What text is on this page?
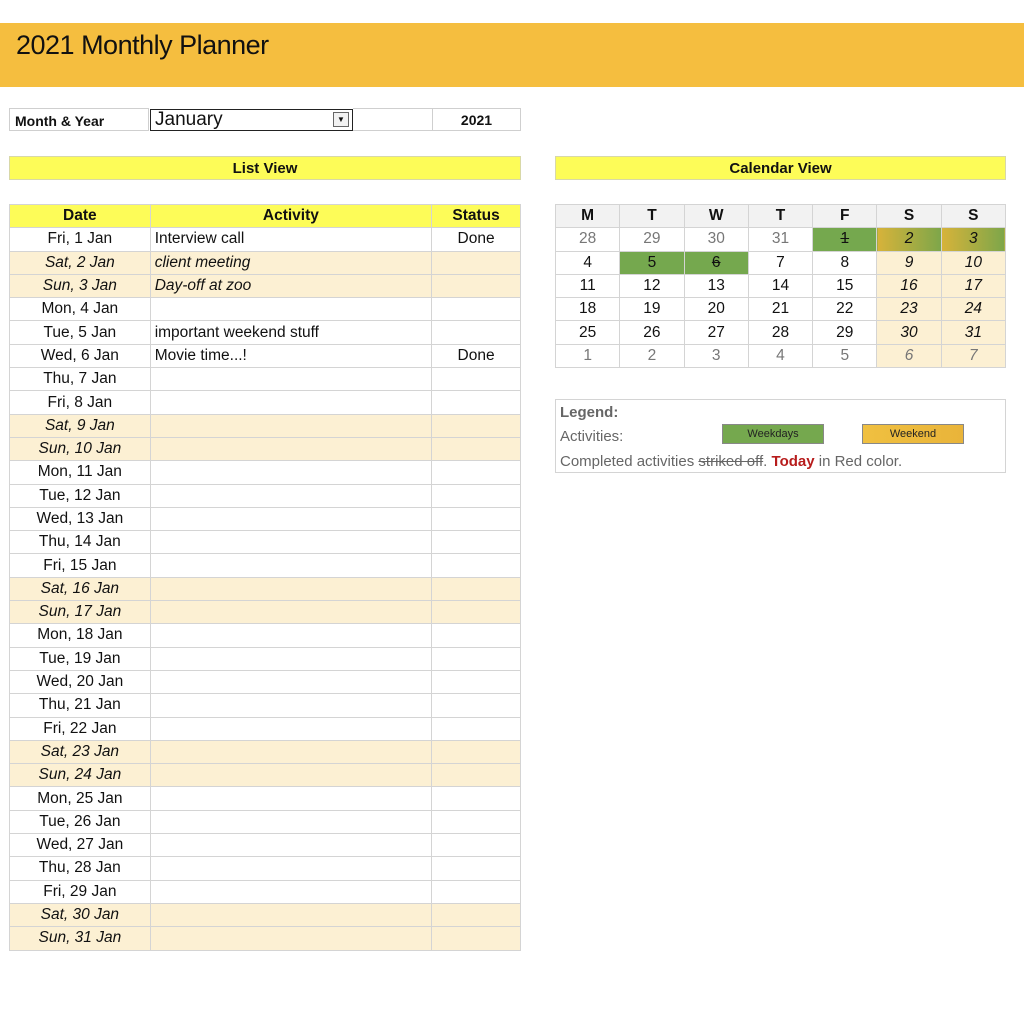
2021 Monthly Planner
Month & Year	January	▼	2021
List View	Calendar View
Date	Activity	Status
Fri, 1 Jan	Interview call	Done
Sat, 2 Jan	client meeting	
Sun, 3 Jan	Day-off at zoo	
Mon, 4 Jan		
Tue, 5 Jan	important weekend stuff	
Wed, 6 Jan	Movie time...!	Done
Thu, 7 Jan		
Fri, 8 Jan		
Sat, 9 Jan		
Sun, 10 Jan		
Mon, 11 Jan		
Tue, 12 Jan		
Wed, 13 Jan		
Thu, 14 Jan		
Fri, 15 Jan		
Sat, 16 Jan		
Sun, 17 Jan		
Mon, 18 Jan		
Tue, 19 Jan		
Wed, 20 Jan		
Thu, 21 Jan		
Fri, 22 Jan		
Sat, 23 Jan		
Sun, 24 Jan		
Mon, 25 Jan		
Tue, 26 Jan		
Wed, 27 Jan		
Thu, 28 Jan		
Fri, 29 Jan		
Sat, 30 Jan		
Sun, 31 Jan		
M	T	W	T	F	S	S
28	29	30	31	1	2	3
4	5	6	7	8	9	10
11	12	13	14	15	16	17
18	19	20	21	22	23	24
25	26	27	28	29	30	31
1	2	3	4	5	6	7
Legend:
Activities:	Weekdays	Weekend
Completed activities striked off. Today in Red color.
